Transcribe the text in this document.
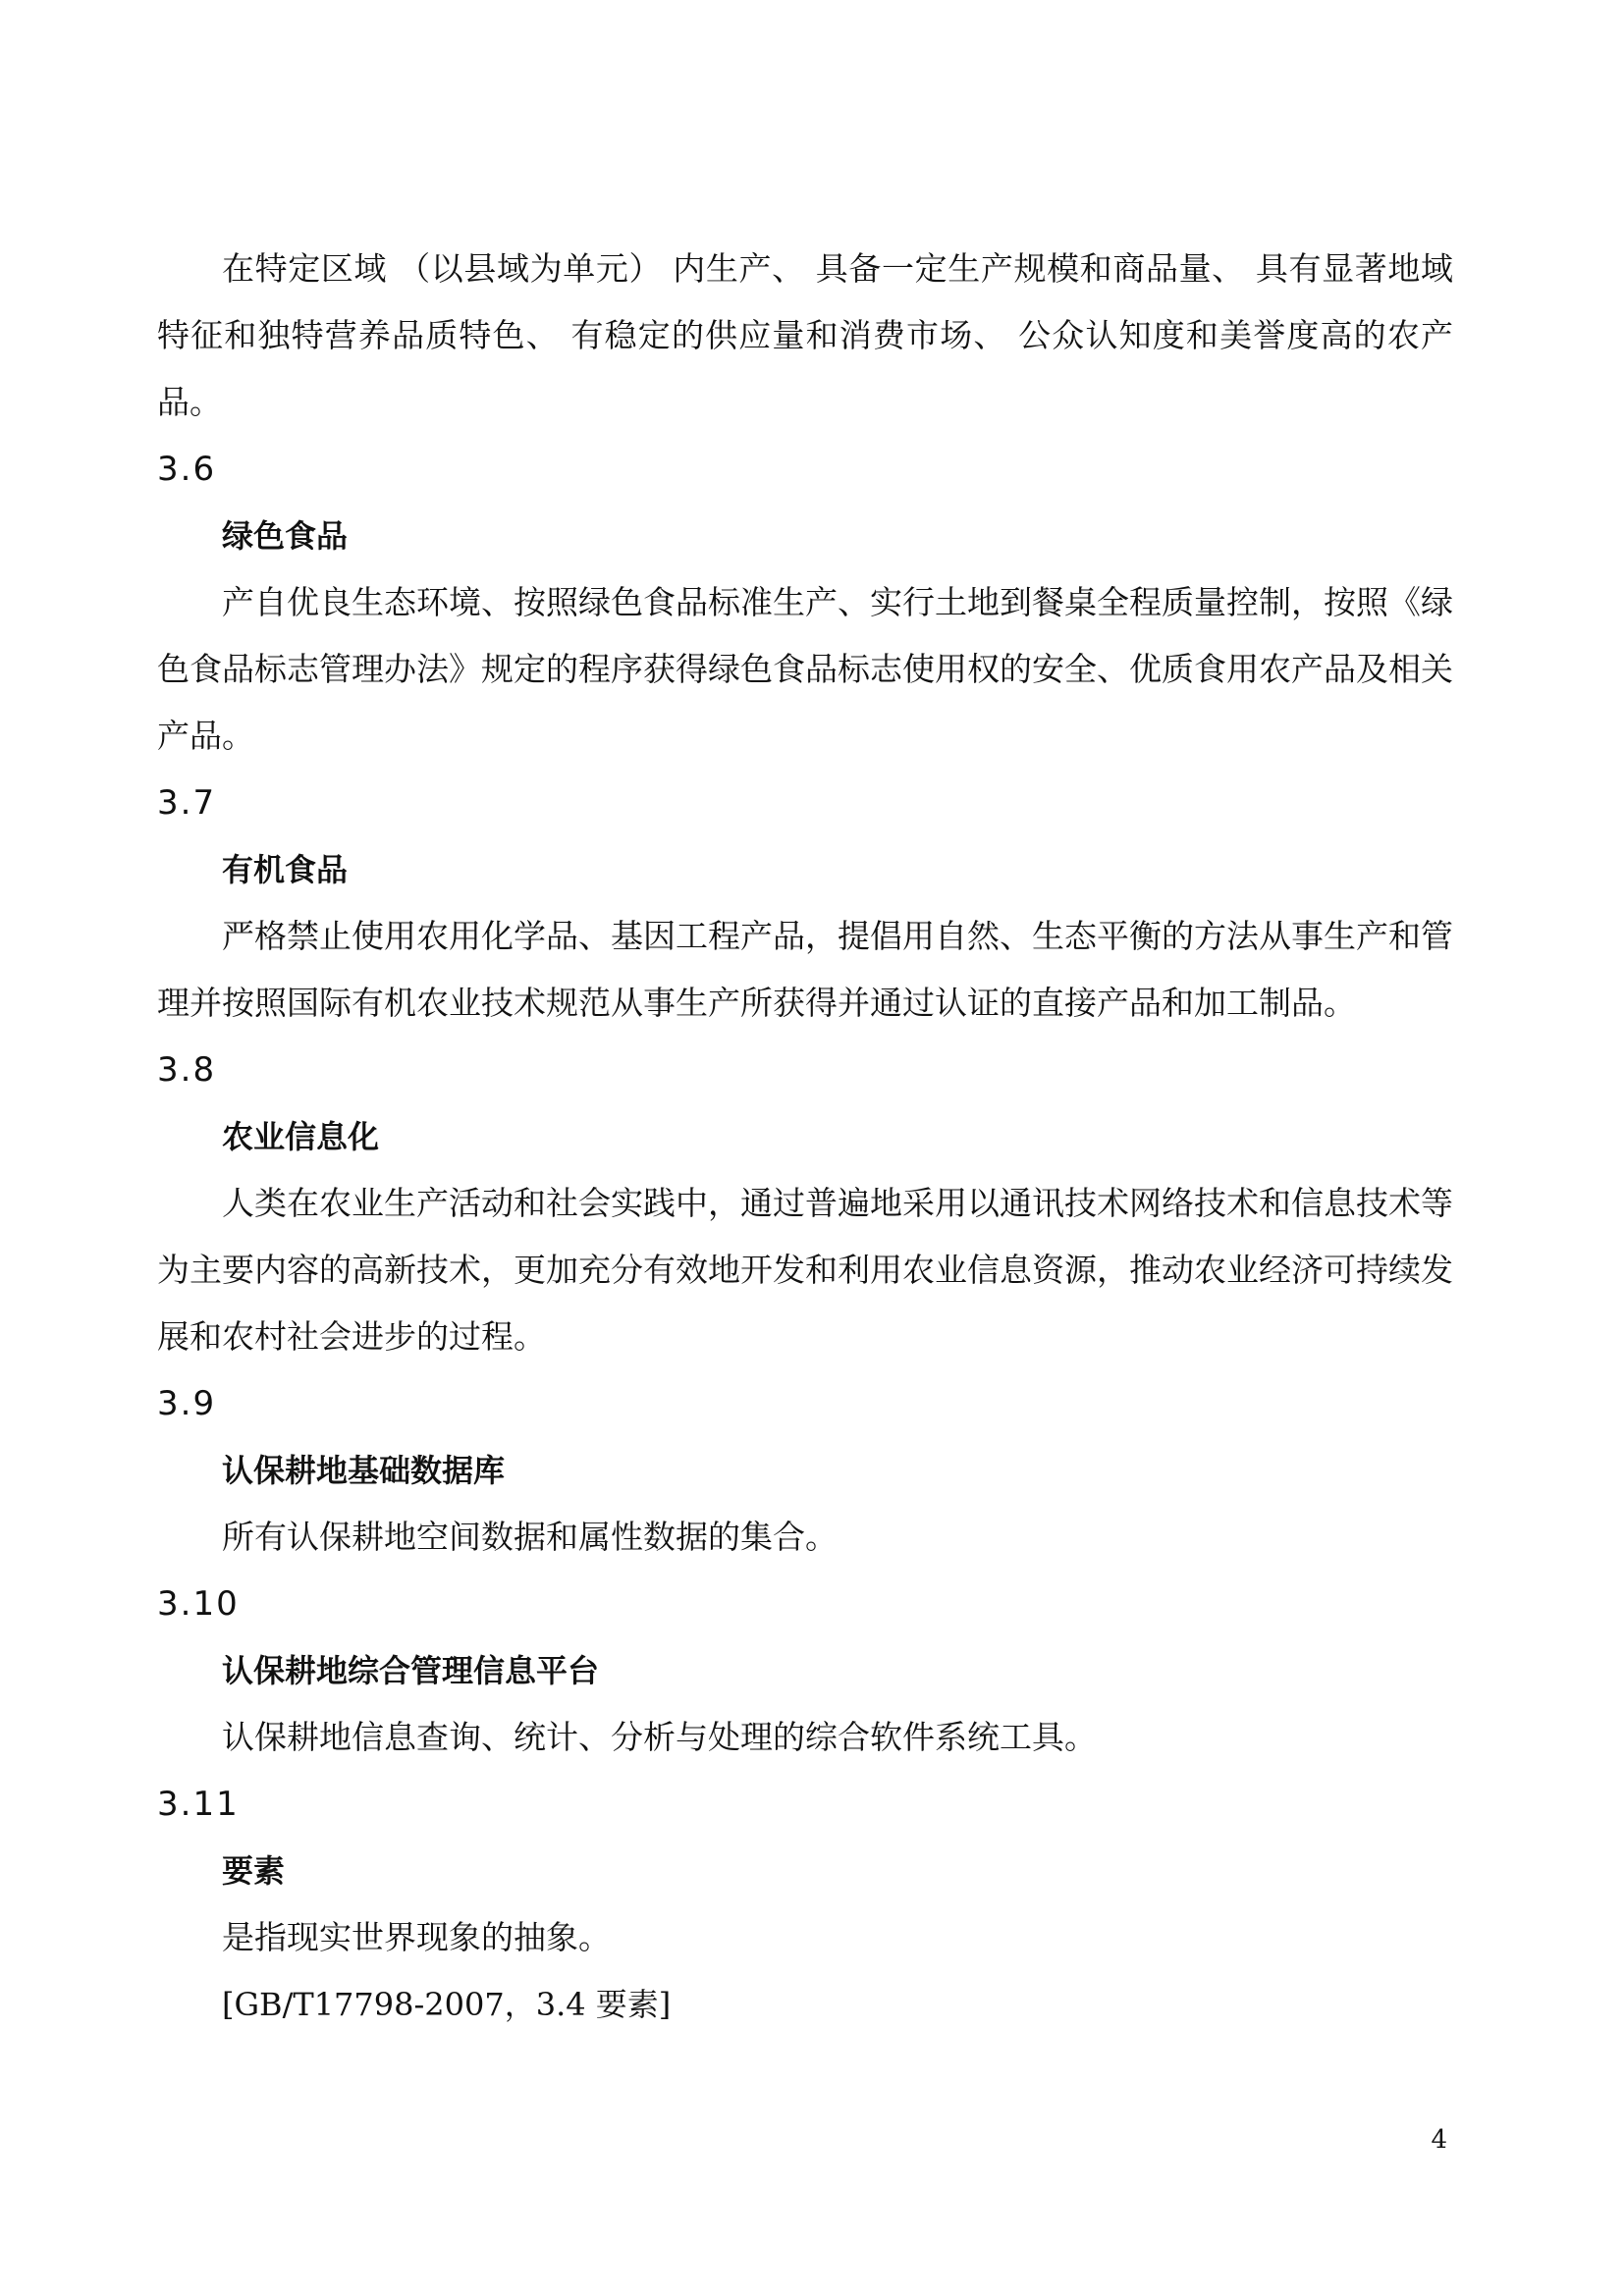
在特定区域 （以县域为单元） 内生产、 具备一定生产规模和商品量、 具有显著地域特征和独特营养品质特色、 有稳定的供应量和消费市场、 公众认知度和美誉度高的农产品。

3.6

绿色食品

产自优良生态环境、按照绿色食品标准生产、实行土地到餐桌全程质量控制，按照《绿色食品标志管理办法》规定的程序获得绿色食品标志使用权的安全、优质食用农产品及相关产品。

3.7

有机食品

严格禁止使用农用化学品、基因工程产品，提倡用自然、生态平衡的方法从事生产和管理并按照国际有机农业技术规范从事生产所获得并通过认证的直接产品和加工制品。

3.8

农业信息化

人类在农业生产活动和社会实践中，通过普遍地采用以通讯技术网络技术和信息技术等为主要内容的高新技术，更加充分有效地开发和利用农业信息资源，推动农业经济可持续发展和农村社会进步的过程。

3.9

认保耕地基础数据库

所有认保耕地空间数据和属性数据的集合。

3.10

认保耕地综合管理信息平台

认保耕地信息查询、统计、分析与处理的综合软件系统工具。

3.11

要素

是指现实世界现象的抽象。

[GB/T17798-2007，3.4 要素]

4
